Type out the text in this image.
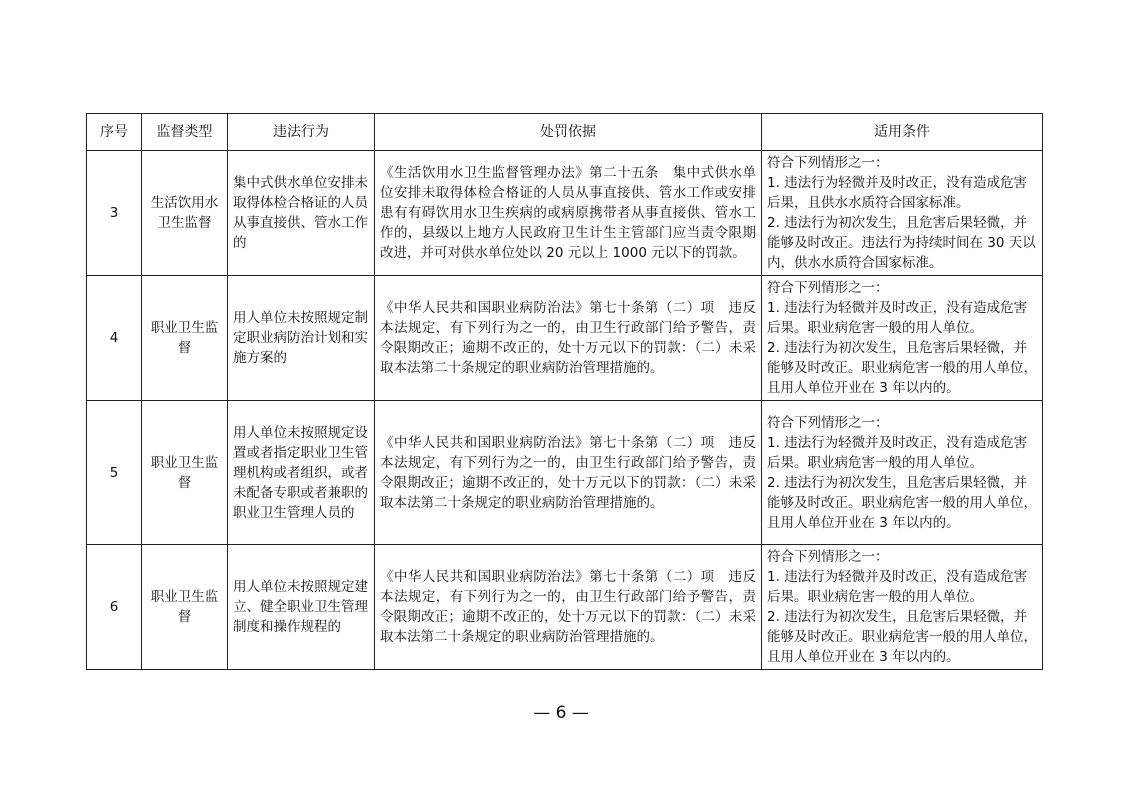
序号	监督类型	违法行为	处罚依据	适用条件
3	生活饮用水卫生监督	集中式供水单位安排未取得体检合格证的人员从事直接供、管水工作的	《生活饮用水卫生监督管理办法》第二十五条　集中式供水单位安排未取得体检合格证的人员从事直接供、管水工作或安排患有有碍饮用水卫生疾病的或病原携带者从事直接供、管水工作的，县级以上地方人民政府卫生计生主管部门应当责令限期改进，并可对供水单位处以 20 元以上 1000 元以下的罚款。	符合下列情形之一：
1. 违法行为轻微并及时改正，没有造成危害后果，且供水水质符合国家标准。
2. 违法行为初次发生，且危害后果轻微，并能够及时改正。违法行为持续时间在 30 天以内，供水水质符合国家标准。

4	职业卫生监督	用人单位未按照规定制定职业病防治计划和实施方案的	《中华人民共和国职业病防治法》第七十条第（二）项　违反本法规定，有下列行为之一的，由卫生行政部门给予警告，责令限期改正；逾期不改正的，处十万元以下的罚款：（二）未采取本法第二十条规定的职业病防治管理措施的。	符合下列情形之一：
1. 违法行为轻微并及时改正，没有造成危害后果。职业病危害一般的用人单位。
2. 违法行为初次发生，且危害后果轻微，并能够及时改正。职业病危害一般的用人单位，且用人单位开业在 3 年以内的。

5	职业卫生监督	用人单位未按照规定设置或者指定职业卫生管理机构或者组织，或者未配备专职或者兼职的职业卫生管理人员的	《中华人民共和国职业病防治法》第七十条第（二）项　违反本法规定，有下列行为之一的，由卫生行政部门给予警告，责令限期改正；逾期不改正的，处十万元以下的罚款：（二）未采取本法第二十条规定的职业病防治管理措施的。	符合下列情形之一：
1. 违法行为轻微并及时改正，没有造成危害后果。职业病危害一般的用人单位。
2. 违法行为初次发生，且危害后果轻微，并能够及时改正。职业病危害一般的用人单位，且用人单位开业在 3 年以内的。

6	职业卫生监督	用人单位未按照规定建立、健全职业卫生管理制度和操作规程的	《中华人民共和国职业病防治法》第七十条第（二）项　违反本法规定，有下列行为之一的，由卫生行政部门给予警告，责令限期改正；逾期不改正的，处十万元以下的罚款：（二）未采取本法第二十条规定的职业病防治管理措施的。	符合下列情形之一：
1. 违法行为轻微并及时改正，没有造成危害后果。职业病危害一般的用人单位。
2. 违法行为初次发生，且危害后果轻微，并能够及时改正。职业病危害一般的用人单位，且用人单位开业在 3 年以内的。
— 6 —
